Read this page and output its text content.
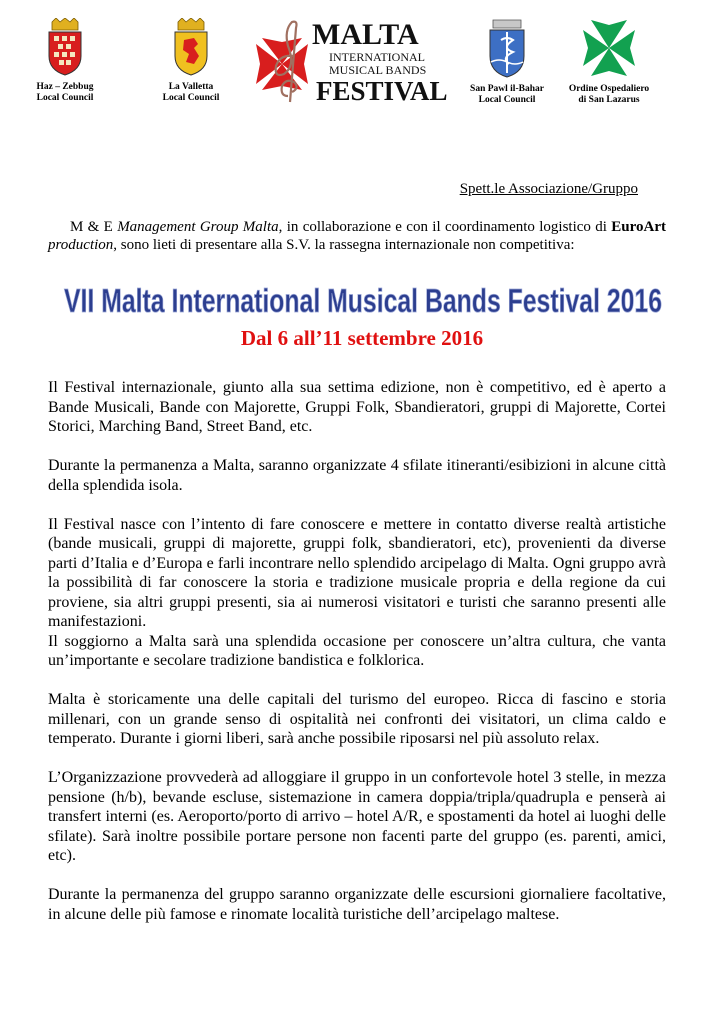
Haz – Zebbug
Local Council
La Valletta
Local Council
MALTA
INTERNATIONAL
MUSICAL BANDS
FESTIVAL	San Pawl il-Bahar
Local Council
Ordine Ospedaliero
di San Lazarus
Spett.le Associazione/Gruppo
M & E Management Group Malta, in collaborazione e con il coordinamento logistico di EuroArt production, sono lieti di presentare alla S.V. la rassegna internazionale non competitiva:
VII Malta International Musical Bands Festival 2016
Dal 6 all’11 settembre 2016

Il Festival internazionale, giunto alla sua settima edizione, non è competitivo, ed è aperto a Bande Musicali, Bande con Majorette, Gruppi Folk, Sbandieratori, gruppi di Majorette, Cortei Storici, Marching Band, Street Band, etc.

Durante la permanenza a Malta, saranno organizzate 4 sfilate itineranti/esibizioni in alcune città della splendida isola.

Il Festival nasce con l’intento di fare conoscere e mettere in contatto diverse realtà artistiche (bande musicali, gruppi di majorette, gruppi folk, sbandieratori, etc), provenienti da diverse parti d’Italia e d’Europa e farli incontrare nello splendido arcipelago di Malta. Ogni gruppo avrà la possibilità di far conoscere la storia e tradizione musicale propria e della regione da cui proviene, sia altri gruppi presenti, sia ai numerosi visitatori e turisti che saranno presenti alle manifestazioni.

Il soggiorno a Malta sarà una splendida occasione per conoscere un’altra cultura, che vanta un’importante e secolare tradizione bandistica e folklorica.

Malta è storicamente una delle capitali del turismo del europeo. Ricca di fascino e storia millenari, con un grande senso di ospitalità nei confronti dei visitatori, un clima caldo e temperato. Durante i giorni liberi, sarà anche possibile riposarsi nel più assoluto relax.

L’Organizzazione provvederà ad alloggiare il gruppo in un confortevole hotel 3 stelle, in mezza pensione (h/b), bevande escluse, sistemazione in camera doppia/tripla/quadrupla e penserà ai transfert interni (es. Aeroporto/porto di arrivo – hotel A/R, e spostamenti da hotel ai luoghi delle sfilate). Sarà inoltre possibile portare persone non facenti parte del gruppo (es. parenti, amici, etc).

Durante la permanenza del gruppo saranno organizzate delle escursioni giornaliere facoltative, in alcune delle più famose e rinomate località turistiche dell’arcipelago maltese.
